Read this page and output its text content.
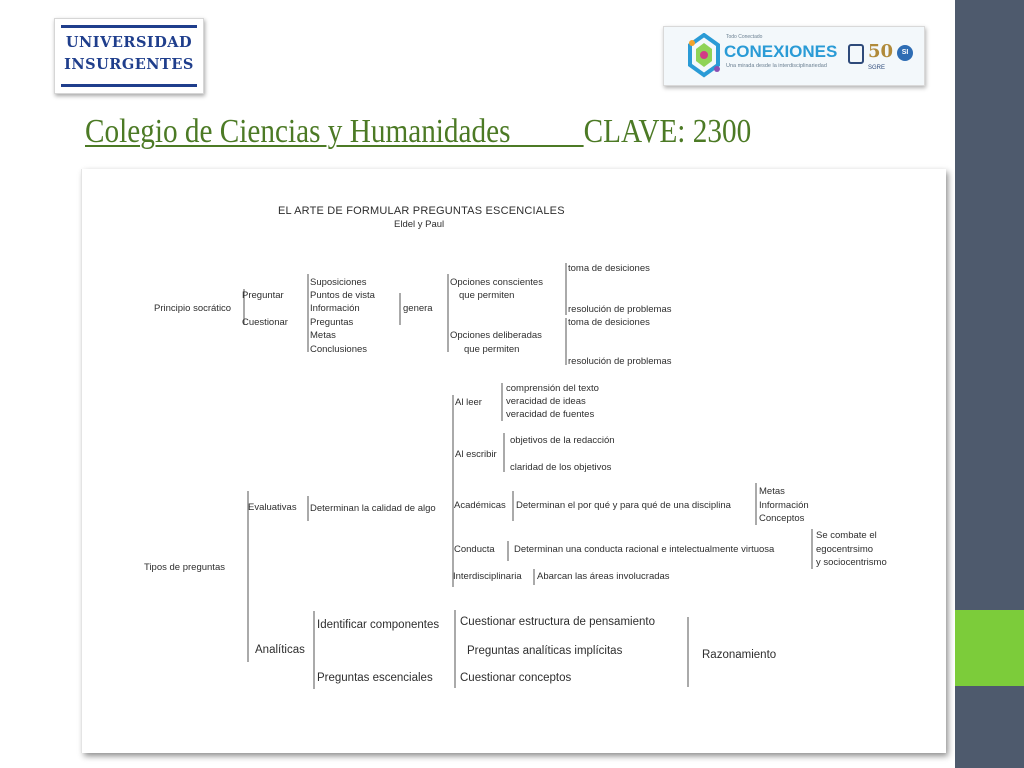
UNIVERSIDAD
INSURGENTES
Todo Conectado
CONEXIONES
Una mirada desde la interdisciplinariedad
50
SGRE
SI
Colegio de Ciencias y Humanidades CLAVE: 2300
EL ARTE DE FORMULAR PREGUNTAS ESCENCIALES
Eldel y Paul
Principio socrático
Preguntar
Cuestionar
Suposiciones
Puntos de vista
Información
Preguntas
Metas
Conclusiones
genera
Opciones conscientes
que permiten
Opciones deliberadas
que permiten
toma de desiciones
resolución de problemas
toma de desiciones
resolución de problemas
Tipos de preguntas
Evaluativas Determinan la calidad de algo
Al leer
comprensión del texto
veracidad de ideas
veracidad de fuentes
Al escribir
objetivos de la redacción
claridad de los objetivos
Académicas Determinan el por qué y para qué de una disciplina
Metas
Información
Conceptos
Conducta Determinan una conducta racional e intelectualmente virtuosa
Se combate el
egocentrsimo
y sociocentrismo
Interdisciplinaria Abarcan las áreas involucradas
Analíticas
Identificar componentes
Preguntas escenciales
Cuestionar estructura de pensamiento
Preguntas analíticas implícitas
Cuestionar conceptos
Razonamiento
